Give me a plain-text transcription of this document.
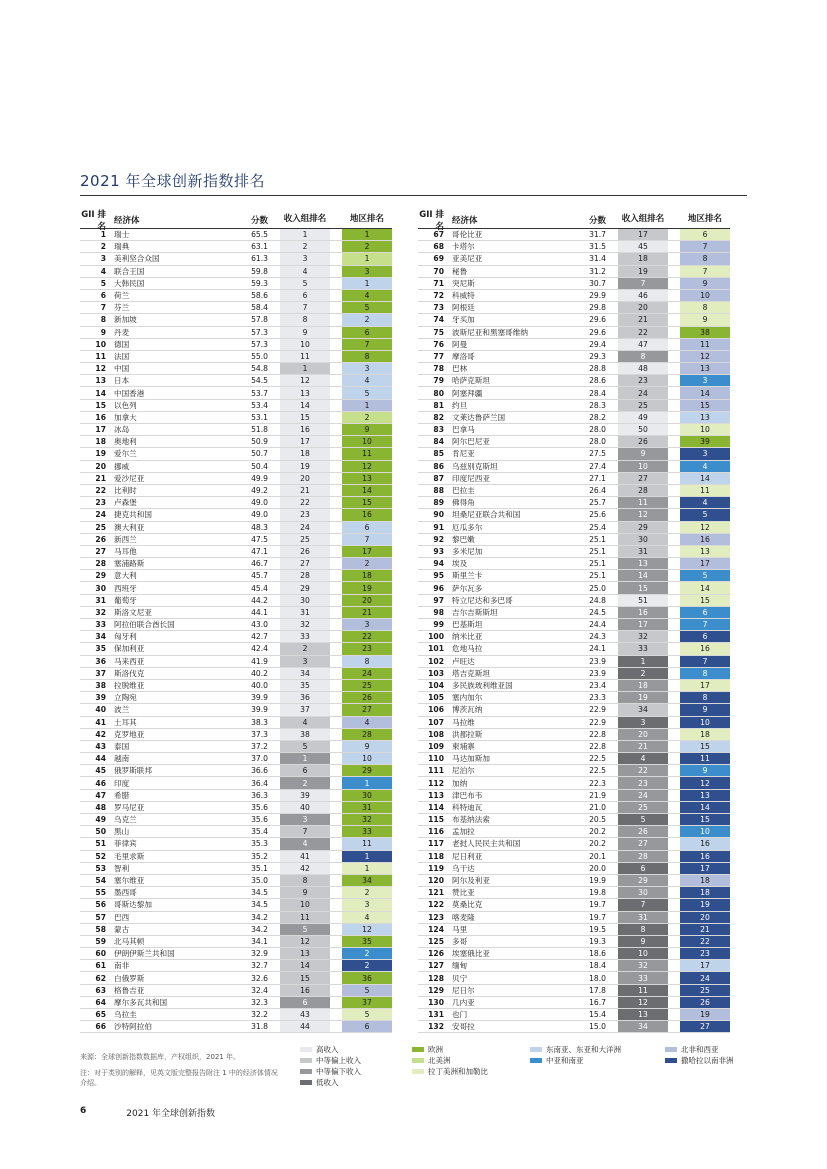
2021 年全球创新指数排名
GII 排名
经济体	分数	收入组排名	地区排名
1	瑞士	65.5	1	1
2	瑞典	63.1	2	2
3	美利坚合众国	61.3	3	1
4	联合王国	59.8	4	3
5	大韩民国	59.3	5	1
6	荷兰	58.6	6	4
7	芬兰	58.4	7	5
8	新加坡	57.8	8	2
9	丹麦	57.3	9	6
10	德国	57.3	10	7
11	法国	55.0	11	8
12	中国	54.8	1	3
13	日本	54.5	12	4
14	中国香港	53.7	13	5
15	以色列	53.4	14	1
16	加拿大	53.1	15	2
17	冰岛	51.8	16	9
18	奥地利	50.9	17	10
19	爱尔兰	50.7	18	11
20	挪威	50.4	19	12
21	爱沙尼亚	49.9	20	13
22	比利时	49.2	21	14
23	卢森堡	49.0	22	15
24	捷克共和国	49.0	23	16
25	澳大利亚	48.3	24	6
26	新西兰	47.5	25	7
27	马耳他	47.1	26	17
28	塞浦路斯	46.7	27	2
29	意大利	45.7	28	18
30	西班牙	45.4	29	19
31	葡萄牙	44.2	30	20
32	斯洛文尼亚	44.1	31	21
33	阿拉伯联合酋长国	43.0	32	3
34	匈牙利	42.7	33	22
35	保加利亚	42.4	2	23
36	马来西亚	41.9	3	8
37	斯洛伐克	40.2	34	24
38	拉脱维亚	40.0	35	25
39	立陶宛	39.9	36	26
40	波兰	39.9	37	27
41	土耳其	38.3	4	4
42	克罗地亚	37.3	38	28
43	泰国	37.2	5	9
44	越南	37.0	1	10
45	俄罗斯联邦	36.6	6	29
46	印度	36.4	2	1
47	希腊	36.3	39	30
48	罗马尼亚	35.6	40	31
49	乌克兰	35.6	3	32
50	黑山	35.4	7	33
51	菲律宾	35.3	4	11
52	毛里求斯	35.2	41	1
53	智利	35.1	42	1
54	塞尔维亚	35.0	8	34
55	墨西哥	34.5	9	2
56	哥斯达黎加	34.5	10	3
57	巴西	34.2	11	4
58	蒙古	34.2	5	12
59	北马其顿	34.1	12	35
60	伊朗伊斯兰共和国	32.9	13	2
61	南非	32.7	14	2
62	白俄罗斯	32.6	15	36
63	格鲁吉亚	32.4	16	5
64	摩尔多瓦共和国	32.3	6	37
65	乌拉圭	32.2	43	5
66	沙特阿拉伯	31.8	44	6
GII 排名
经济体	分数	收入组排名	地区排名
67	哥伦比亚	31.7	17	6
68	卡塔尔	31.5	45	7
69	亚美尼亚	31.4	18	8
70	秘鲁	31.2	19	7
71	突尼斯	30.7	7	9
72	科威特	29.9	46	10
73	阿根廷	29.8	20	8
74	牙买加	29.6	21	9
75	波斯尼亚和黑塞哥维纳	29.6	22	38
76	阿曼	29.4	47	11
77	摩洛哥	29.3	8	12
78	巴林	28.8	48	13
79	哈萨克斯坦	28.6	23	3
80	阿塞拜疆	28.4	24	14
81	约旦	28.3	25	15
82	文莱达鲁萨兰国	28.2	49	13
83	巴拿马	28.0	50	10
84	阿尔巴尼亚	28.0	26	39
85	肯尼亚	27.5	9	3
86	乌兹别克斯坦	27.4	10	4
87	印度尼西亚	27.1	27	14
88	巴拉圭	26.4	28	11
89	佛得角	25.7	11	4
90	坦桑尼亚联合共和国	25.6	12	5
91	厄瓜多尔	25.4	29	12
92	黎巴嫩	25.1	30	16
93	多米尼加	25.1	31	13
94	埃及	25.1	13	17
95	斯里兰卡	25.1	14	5
96	萨尔瓦多	25.0	15	14
97	特立尼达和多巴哥	24.8	51	15
98	吉尔吉斯斯坦	24.5	16	6
99	巴基斯坦	24.4	17	7
100	纳米比亚	24.3	32	6
101	危地马拉	24.1	33	16
102	卢旺达	23.9	1	7
103	塔吉克斯坦	23.9	2	8
104	多民族玻利维亚国	23.4	18	17
105	塞内加尔	23.3	19	8
106	博茨瓦纳	22.9	34	9
107	马拉维	22.9	3	10
108	洪都拉斯	22.8	20	18
109	柬埔寨	22.8	21	15
110	马达加斯加	22.5	4	11
111	尼泊尔	22.5	22	9
112	加纳	22.3	23	12
113	津巴布韦	21.9	24	13
114	科特迪瓦	21.0	25	14
115	布基纳法索	20.5	5	15
116	孟加拉	20.2	26	10
117	老挝人民民主共和国	20.2	27	16
118	尼日利亚	20.1	28	16
119	乌干达	20.0	6	17
120	阿尔及利亚	19.9	29	18
121	赞比亚	19.8	30	18
122	莫桑比克	19.7	7	19
123	喀麦隆	19.7	31	20
124	马里	19.5	8	21
125	多哥	19.3	9	22
126	埃塞俄比亚	18.6	10	23
127	缅甸	18.4	32	17
128	贝宁	18.0	33	24
129	尼日尔	17.8	11	25
130	几内亚	16.7	12	26
131	也门	15.4	13	19
132	安哥拉	15.0	34	27
来源：全球创新指数数据库，产权组织，2021 年。
注：对于类别的解释，见英文版完整报告附注 1 中的经济体情况介绍。
高收入
中等偏上收入
中等偏下收入
低收入
欧洲
北美洲
拉丁美洲和加勒比
东南亚、东亚和大洋洲
中亚和南亚
北非和西亚
撒哈拉以南非洲
6	2021 年全球创新指数
